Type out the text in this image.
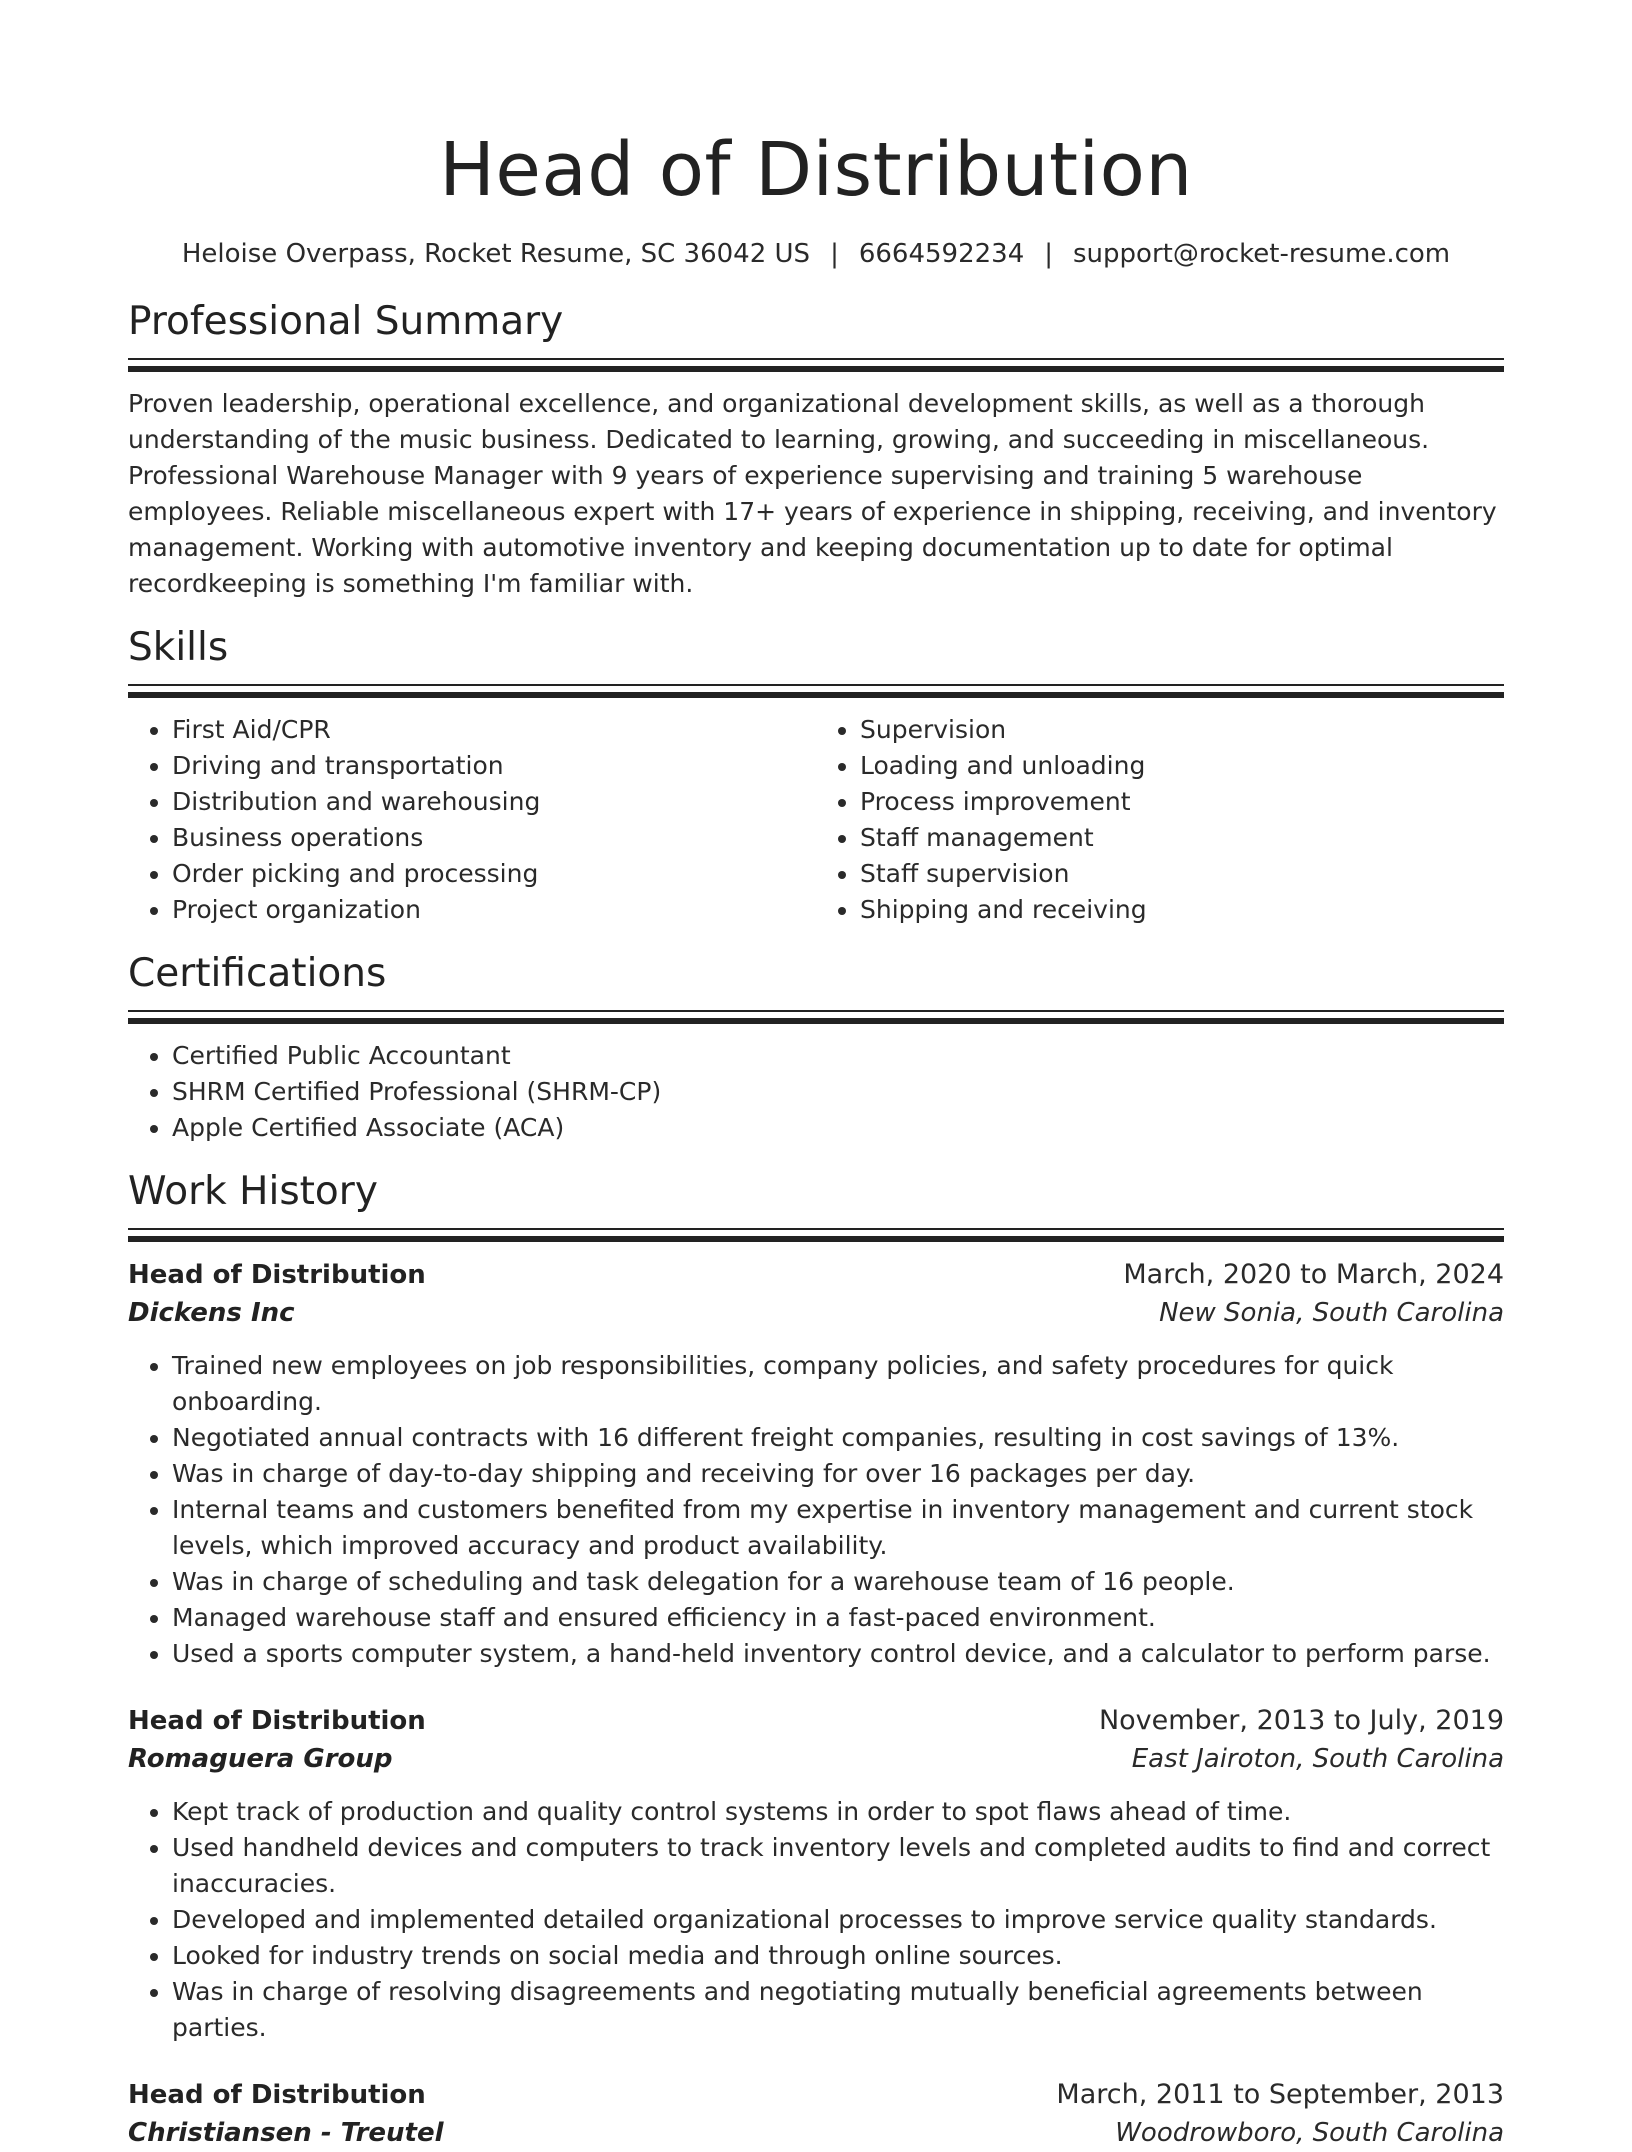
Head of Distribution
Heloise Overpass, Rocket Resume, SC 36042 US | 6664592234 | support@rocket-resume.com
Professional Summary

Proven leadership, operational excellence, and organizational development skills, as well as a thorough understanding of the music business. Dedicated to learning, growing, and succeeding in miscellaneous. Professional Warehouse Manager with 9 years of experience supervising and training 5 warehouse employees. Reliable miscellaneous expert with 17+ years of experience in shipping, receiving, and inventory management. Working with automotive inventory and keeping documentation up to date for optimal recordkeeping is something I'm familiar with.

Skills
• First Aid/CPR
• Driving and transportation
• Distribution and warehousing
• Business operations
• Order picking and processing
• Project organization
• Supervision
• Loading and unloading
• Process improvement
• Staff management
• Staff supervision
• Shipping and receiving
Certifications
• Certified Public Accountant
• SHRM Certified Professional (SHRM-CP)
• Apple Certified Associate (ACA)
Work History
Head of Distribution	March, 2020 to March, 2024
Dickens Inc	New Sonia, South Carolina
• Trained new employees on job responsibilities, company policies, and safety procedures for quick onboarding.
• Negotiated annual contracts with 16 different freight companies, resulting in cost savings of 13%.
• Was in charge of day-to-day shipping and receiving for over 16 packages per day.
• Internal teams and customers benefited from my expertise in inventory management and current stock levels, which improved accuracy and product availability.
• Was in charge of scheduling and task delegation for a warehouse team of 16 people.
• Managed warehouse staff and ensured efficiency in a fast-paced environment.
• Used a sports computer system, a hand-held inventory control device, and a calculator to perform parse.
Head of Distribution	November, 2013 to July, 2019
Romaguera Group	East Jairoton, South Carolina
• Kept track of production and quality control systems in order to spot flaws ahead of time.
• Used handheld devices and computers to track inventory levels and completed audits to find and correct inaccuracies.
• Developed and implemented detailed organizational processes to improve service quality standards.
• Looked for industry trends on social media and through online sources.
• Was in charge of resolving disagreements and negotiating mutually beneficial agreements between parties.
Head of Distribution	March, 2011 to September, 2013
Christiansen - Treutel	Woodrowboro, South Carolina
